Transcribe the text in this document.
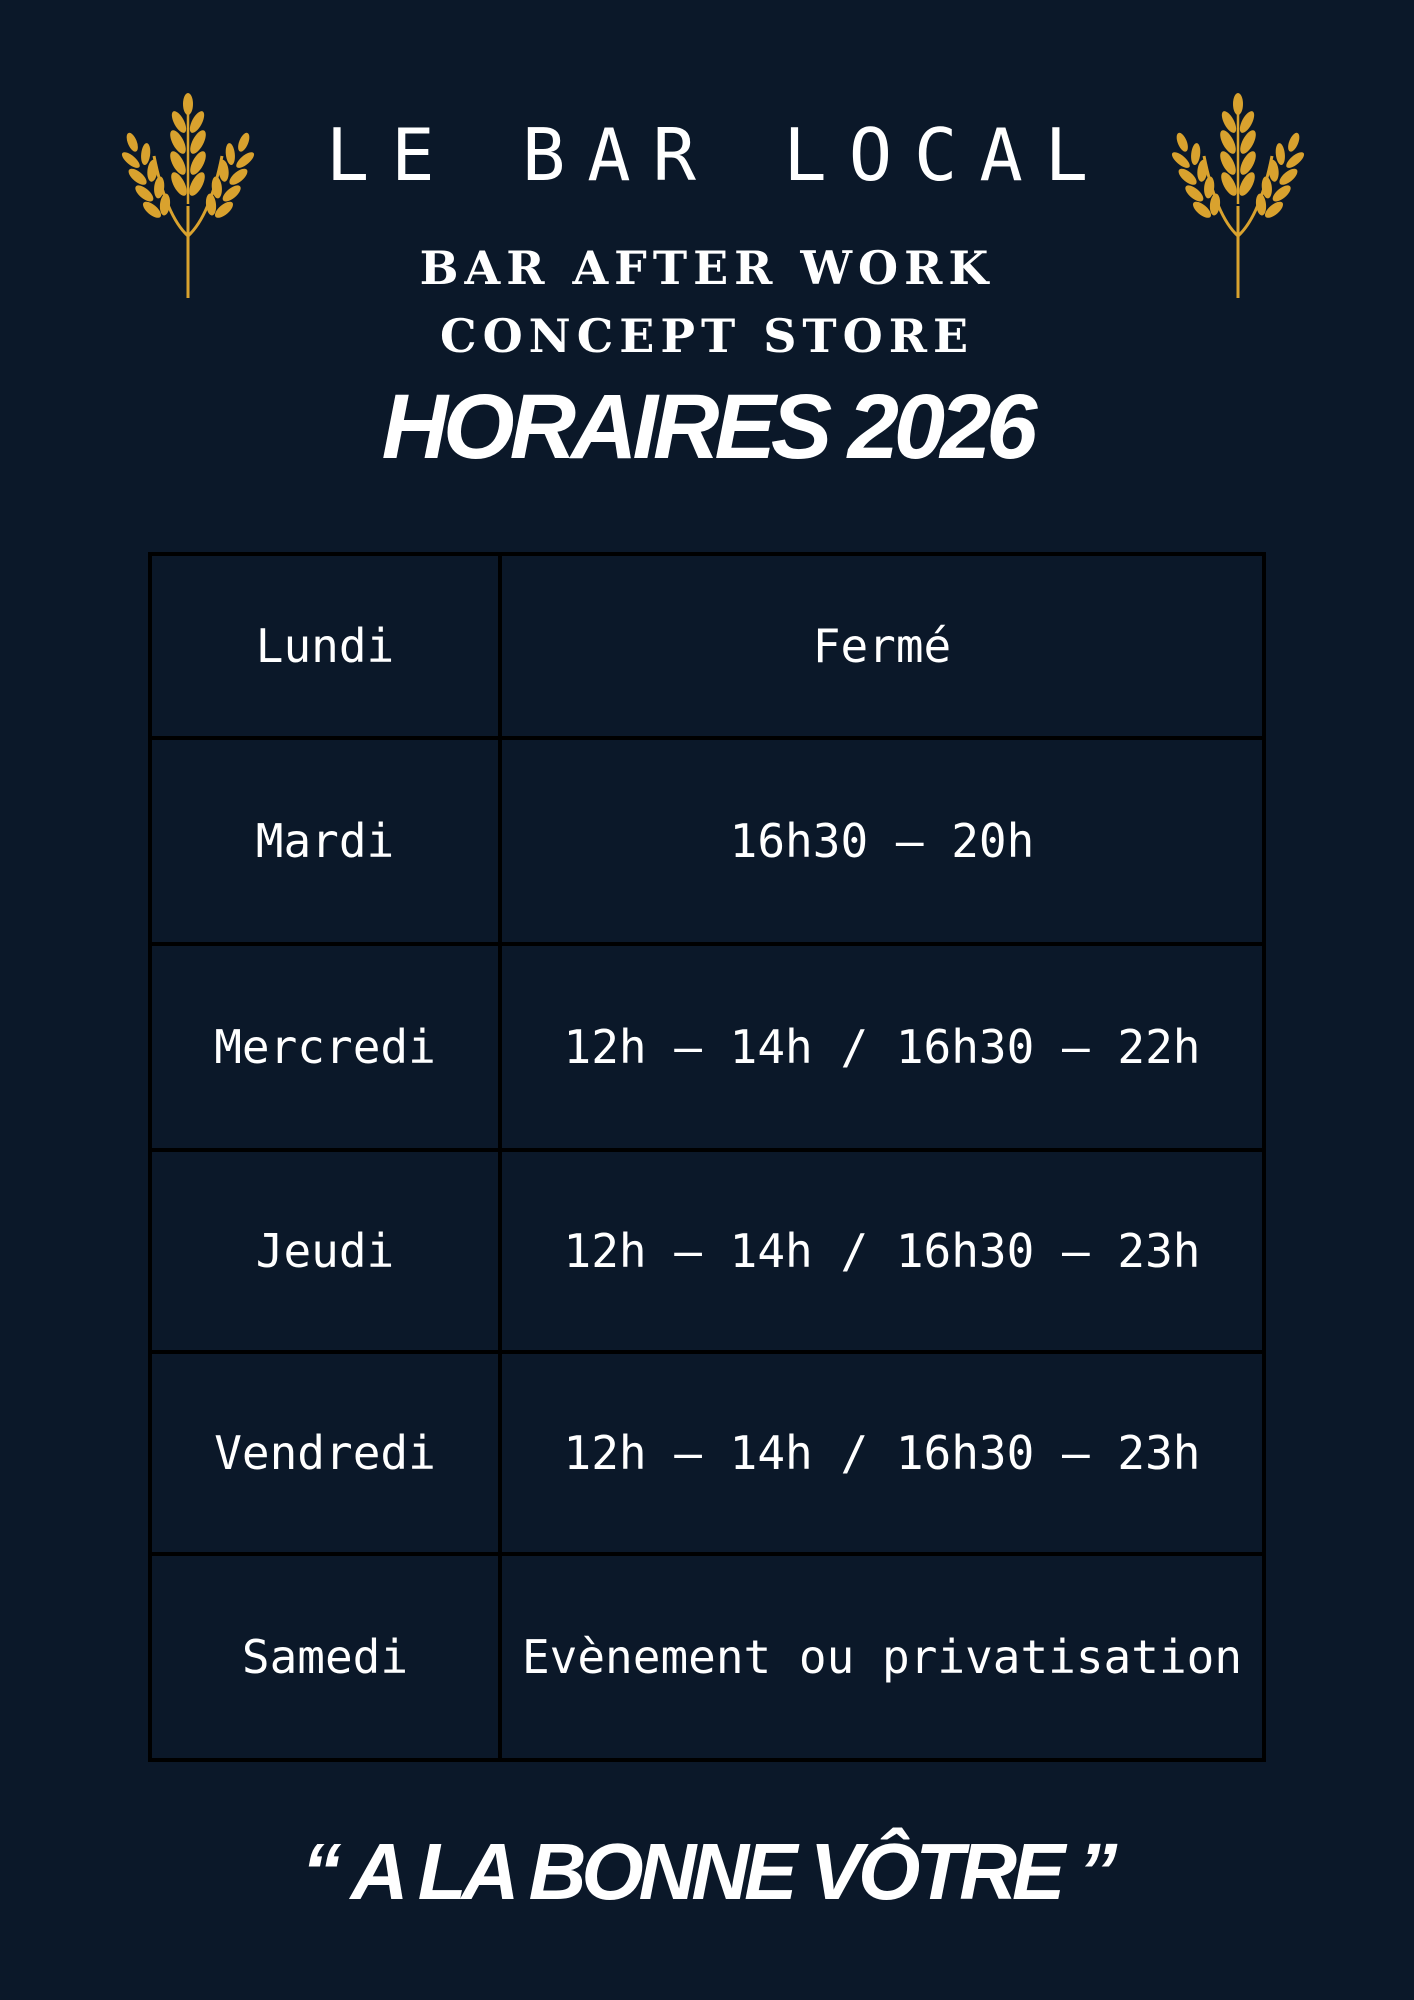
LE BAR LOCAL
BAR AFTER WORK
CONCEPT STORE
HORAIRES 2026
Lundi	Fermé
Mardi	16h30 – 20h
Mercredi	12h – 14h / 16h30 – 22h
Jeudi	12h – 14h / 16h30 – 23h
Vendredi	12h – 14h / 16h30 – 23h
Samedi	Evènement ou privatisation
“ A LA BONNE VÔTRE ”
